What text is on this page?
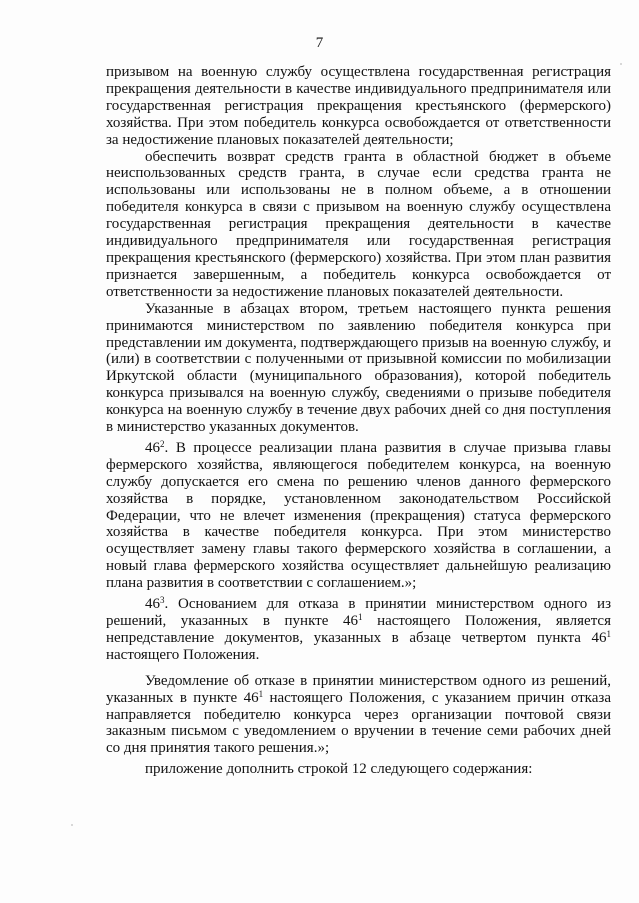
7

призывом на военную службу осуществлена государственная регистрация прекращения деятельности в качестве индивидуального предпринимателя или государственная регистрация прекращения крестьянского (фермерского) хозяйства. При этом победитель конкурса освобождается от ответственности за недостижение плановых показателей деятельности;

обеспечить возврат средств гранта в областной бюджет в объеме неиспользованных средств гранта, в случае если средства гранта не использованы или использованы не в полном объеме, а в отношении победителя конкурса в связи с призывом на военную службу осуществлена государственная регистрация прекращения деятельности в качестве индивидуального предпринимателя или государственная регистрация прекращения крестьянского (фермерского) хозяйства. При этом план развития признается завершенным, а победитель конкурса освобождается от ответственности за недостижение плановых показателей деятельности.

Указанные в абзацах втором, третьем настоящего пункта решения принимаются министерством по заявлению победителя конкурса при представлении им документа, подтверждающего призыв на военную службу, и (или) в соответствии с полученными от призывной комиссии по мобилизации Иркутской области (муниципального образования), которой победитель конкурса призывался на военную службу, сведениями о призыве победителя конкурса на военную службу в течение двух рабочих дней со дня поступления в министерство указанных документов.

$46^2$. В процессе реализации плана развития в случае призыва главы фермерского хозяйства, являющегося победителем конкурса, на военную службу допускается его смена по решению членов данного фермерского хозяйства в порядке, установленном законодательством Российской Федерации, что не влечет изменения (прекращения) статуса фермерского хозяйства в качестве победителя конкурса. При этом министерство осуществляет замену главы такого фермерского хозяйства в соглашении, а новый глава фермерского хозяйства осуществляет дальнейшую реализацию плана развития в соответствии с соглашением.»;

$46^3$. Основанием для отказа в принятии министерством одного из решений, указанных в пункте $46^1$ настоящего Положения, является непредставление документов, указанных в абзаце четвертом пункта $46^1$ настоящего Положения.

Уведомление об отказе в принятии министерством одного из решений, указанных в пункте $46^1$ настоящего Положения, с указанием причин отказа направляется победителю конкурса через организации почтовой связи заказным письмом с уведомлением о вручении в течение семи рабочих дней со дня принятия такого решения.»;

приложение дополнить строкой 12 следующего содержания:
